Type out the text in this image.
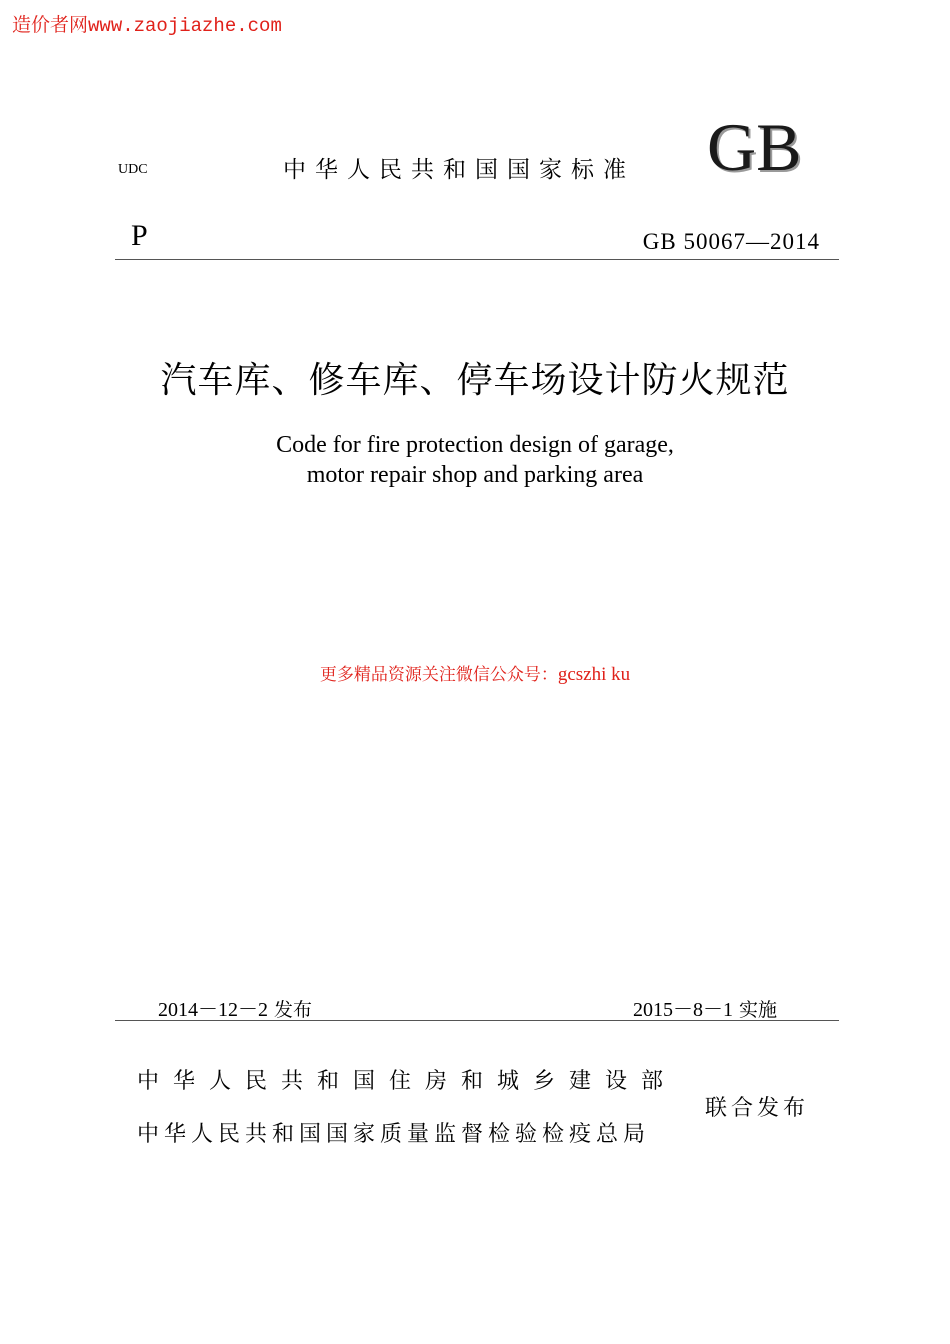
造价者网www.zaojiazhe.com
UDC	中华人民共和国国家标准 GB
P	GB 50067—2014
汽车库、修车库、停车场设计防火规范
Code for fire protection design of garage,
motor repair shop and parking area
更多精品资源关注微信公众号：gcszhi ku
2014－12－2 发布	2015－8－1 实施
中华人民共和国住房和城乡建设部
中华人民共和国国家质量监督检验检疫总局
联合发布
